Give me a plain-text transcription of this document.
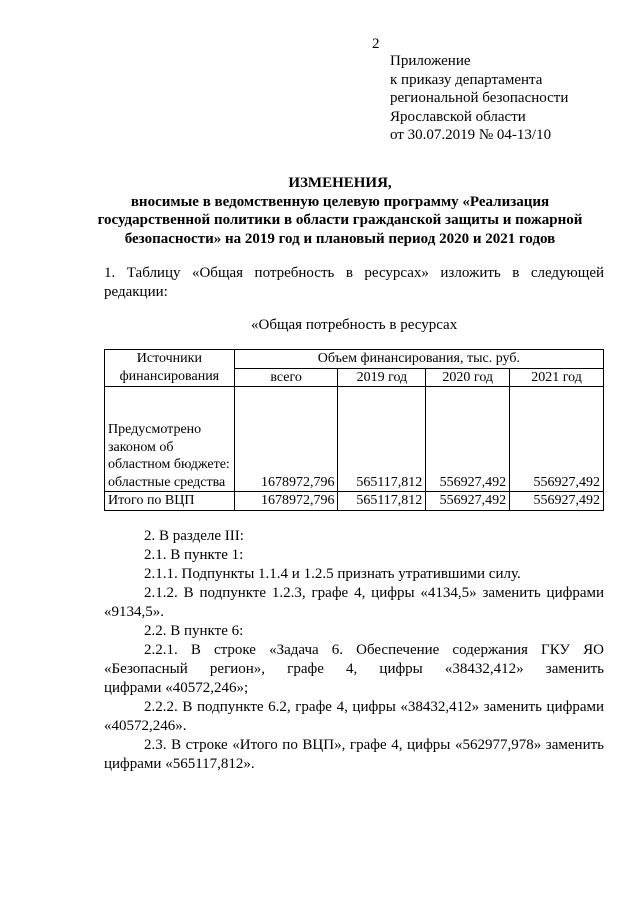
2
Приложение
к приказу департамента
региональной безопасности
Ярославской области
от 30.07.2019 № 04-13/10
ИЗМЕНЕНИЯ,
вносимые в ведомственную целевую программу «Реализация
государственной политики в области гражданской защиты и пожарной
безопасности» на 2019 год и плановый период 2020 и 2021 годов
1. Таблицу «Общая потребность в ресурсах» изложить в следующей
редакции:
«Общая потребность в ресурсах
Источники финансирования	Объем финансирования, тыс. руб.			
	всего	2019 год	2020 год	2021 год
Предусмотрено законом об областном бюджете: областные средства	1678972,796	565117,812	556927,492	556927,492
Итого по ВЦП	1678972,796	565117,812	556927,492	556927,492
2. В разделе III:
2.1. В пункте 1:
2.1.1. Подпункты 1.1.4 и 1.2.5 признать утратившими силу.
2.1.2. В подпункте 1.2.3, графе 4, цифры «4134,5» заменить цифрами
«9134,5».
2.2. В пункте 6:
2.2.1. В строке «Задача 6. Обеспечение содержания ГКУ ЯО
«Безопасный регион», графе 4, цифры «38432,412» заменить
цифрами «40572,246»;
2.2.2. В подпункте 6.2, графе 4, цифры «38432,412» заменить цифрами
«40572,246».
2.3. В строке «Итого по ВЦП», графе 4, цифры «562977,978» заменить
цифрами «565117,812».
